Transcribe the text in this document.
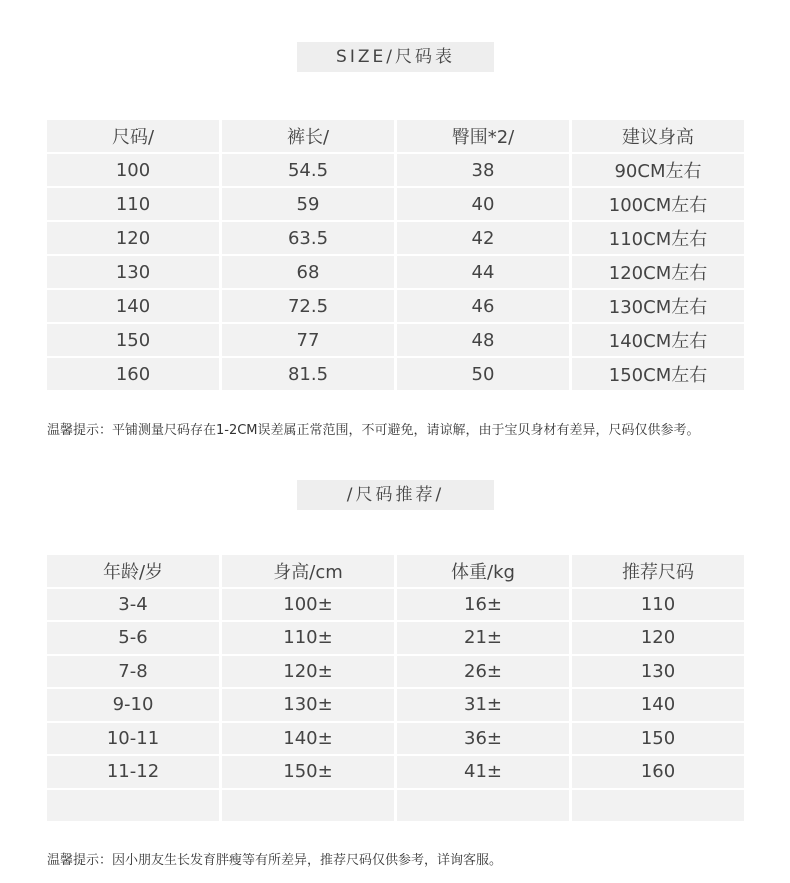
SIZE/尺码表
尺码/	裤长/	臀围*2/	建议身高
100	54.5	38	90CM左右
110	59	40	100CM左右
120	63.5	42	110CM左右
130	68	44	120CM左右
140	72.5	46	130CM左右
150	77	48	140CM左右
160	81.5	50	150CM左右
温馨提示：平铺测量尺码存在1-2CM误差属正常范围，不可避免，请谅解，由于宝贝身材有差异，尺码仅供参考。
/尺码推荐/
年龄/岁	身高/cm	体重/kg	推荐尺码
3-4	100±	16±	110
5-6	110±	21±	120
7-8	120±	26±	130
9-10	130±	31±	140
10-11	140±	36±	150
11-12	150±	41±	160

温馨提示：因小朋友生长发育胖瘦等有所差异，推荐尺码仅供参考，详询客服。
